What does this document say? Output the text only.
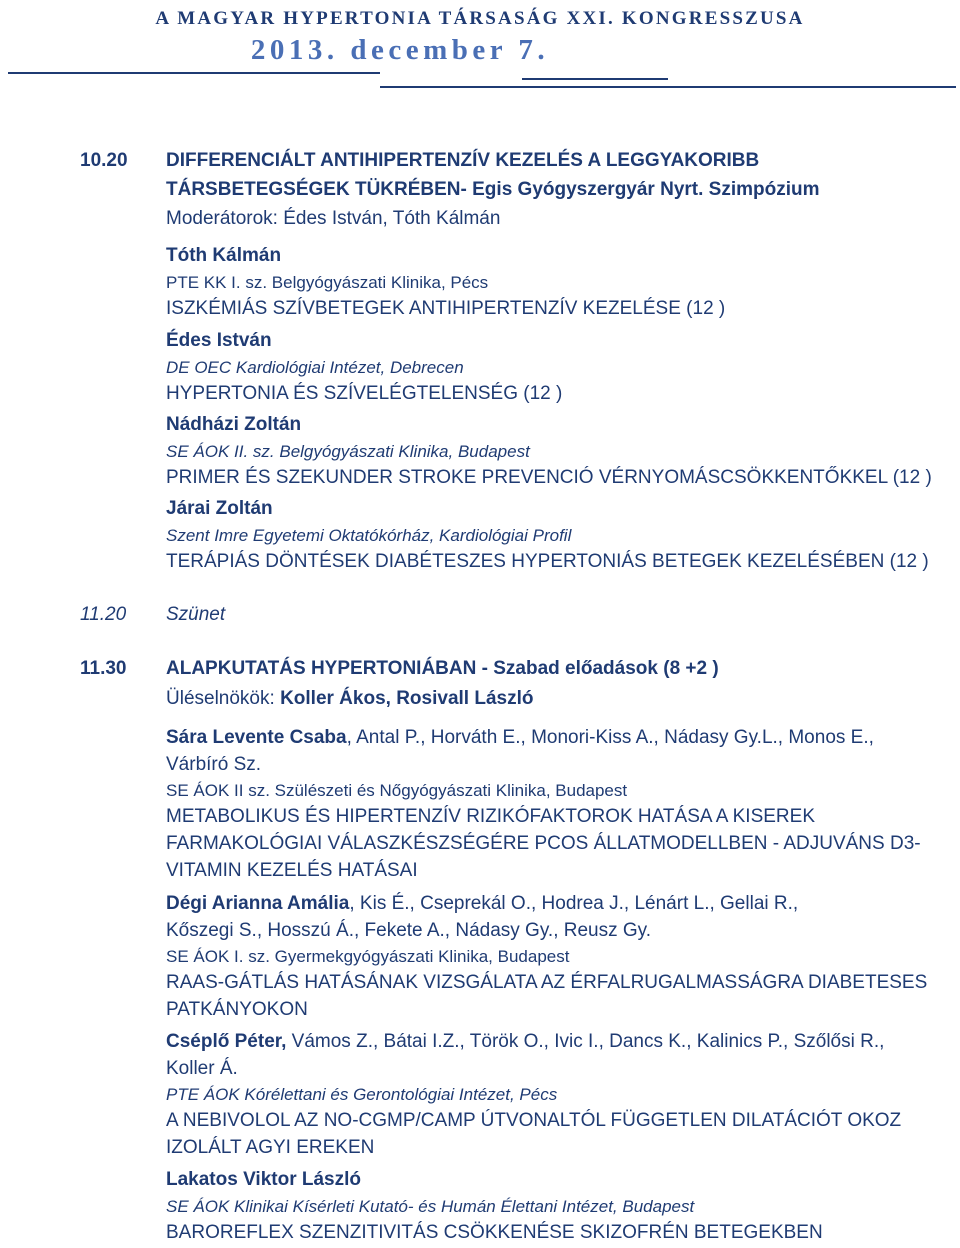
A MAGYAR HYPERTONIA TÁRSASÁG XXI. KONGRESSZUSA
2013. december 7.
10.20 DIFFERENCIÁLT ANTIHIPERTENZÍV KEZELÉS A LEGGYAKORIBB
TÁRSBETEGSÉGEK TÜKRÉBEN- Egis Gyógyszergyár Nyrt. Szimpózium
Moderátorok: Édes István, Tóth Kálmán
Tóth Kálmán
PTE KK I. sz. Belgyógyászati Klinika, Pécs
ISZKÉMIÁS SZÍVBETEGEK ANTIHIPERTENZÍV KEZELÉSE (12 )
Édes István
DE OEC Kardiológiai Intézet, Debrecen
HYPERTONIA ÉS SZÍVELÉGTELENSÉG (12 )
Nádházi Zoltán
SE ÁOK II. sz. Belgyógyászati Klinika, Budapest
PRIMER ÉS SZEKUNDER STROKE PREVENCIÓ VÉRNYOMÁSCSÖKKENTŐKKEL (12 )
Járai Zoltán
Szent Imre Egyetemi Oktatókórház, Kardiológiai Profil
TERÁPIÁS DÖNTÉSEK DIABÉTESZES HYPERTONIÁS BETEGEK KEZELÉSÉBEN (12 )
11.20 Szünet
11.30 ALAPKUTATÁS HYPERTONIÁBAN - Szabad előadások (8 +2 )
Üléselnökök: Koller Ákos, Rosivall László
Sára Levente Csaba, Antal P., Horváth E., Monori-Kiss A., Nádasy Gy.L., Monos E.,
Várbíró Sz.
SE ÁOK II sz. Szülészeti és Nőgyógyászati Klinika, Budapest
METABOLIKUS ÉS HIPERTENZÍV RIZIKÓFAKTOROK HATÁSA A KISEREK
FARMAKOLÓGIAI VÁLASZKÉSZSÉGÉRE PCOS ÁLLATMODELLBEN - ADJUVÁNS D3-
VITAMIN KEZELÉS HATÁSAI
Dégi Arianna Amália, Kis É., Cseprekál O., Hodrea J., Lénárt L., Gellai R.,
Kőszegi S., Hosszú Á., Fekete A., Nádasy Gy., Reusz Gy.
SE ÁOK I. sz. Gyermekgyógyászati Klinika, Budapest
RAAS-GÁTLÁS HATÁSÁNAK VIZSGÁLATA AZ ÉRFALRUGALMASSÁGRA DIABETESES
PATKÁNYOKON
Cséplő Péter, Vámos Z., Bátai I.Z., Török O., Ivic I., Dancs K., Kalinics P., Szőlősi R.,
Koller Á.
PTE ÁOK Kórélettani és Gerontológiai Intézet, Pécs
A NEBIVOLOL AZ NO-CGMP/CAMP ÚTVONALTÓL FÜGGETLEN DILATÁCIÓT OKOZ
IZOLÁLT AGYI EREKEN
Lakatos Viktor László
SE ÁOK Klinikai Kísérleti Kutató- és Humán Élettani Intézet, Budapest
BAROREFLEX SZENZITIVITÁS CSÖKKENÉSE SKIZOFRÉN BETEGEKBEN
